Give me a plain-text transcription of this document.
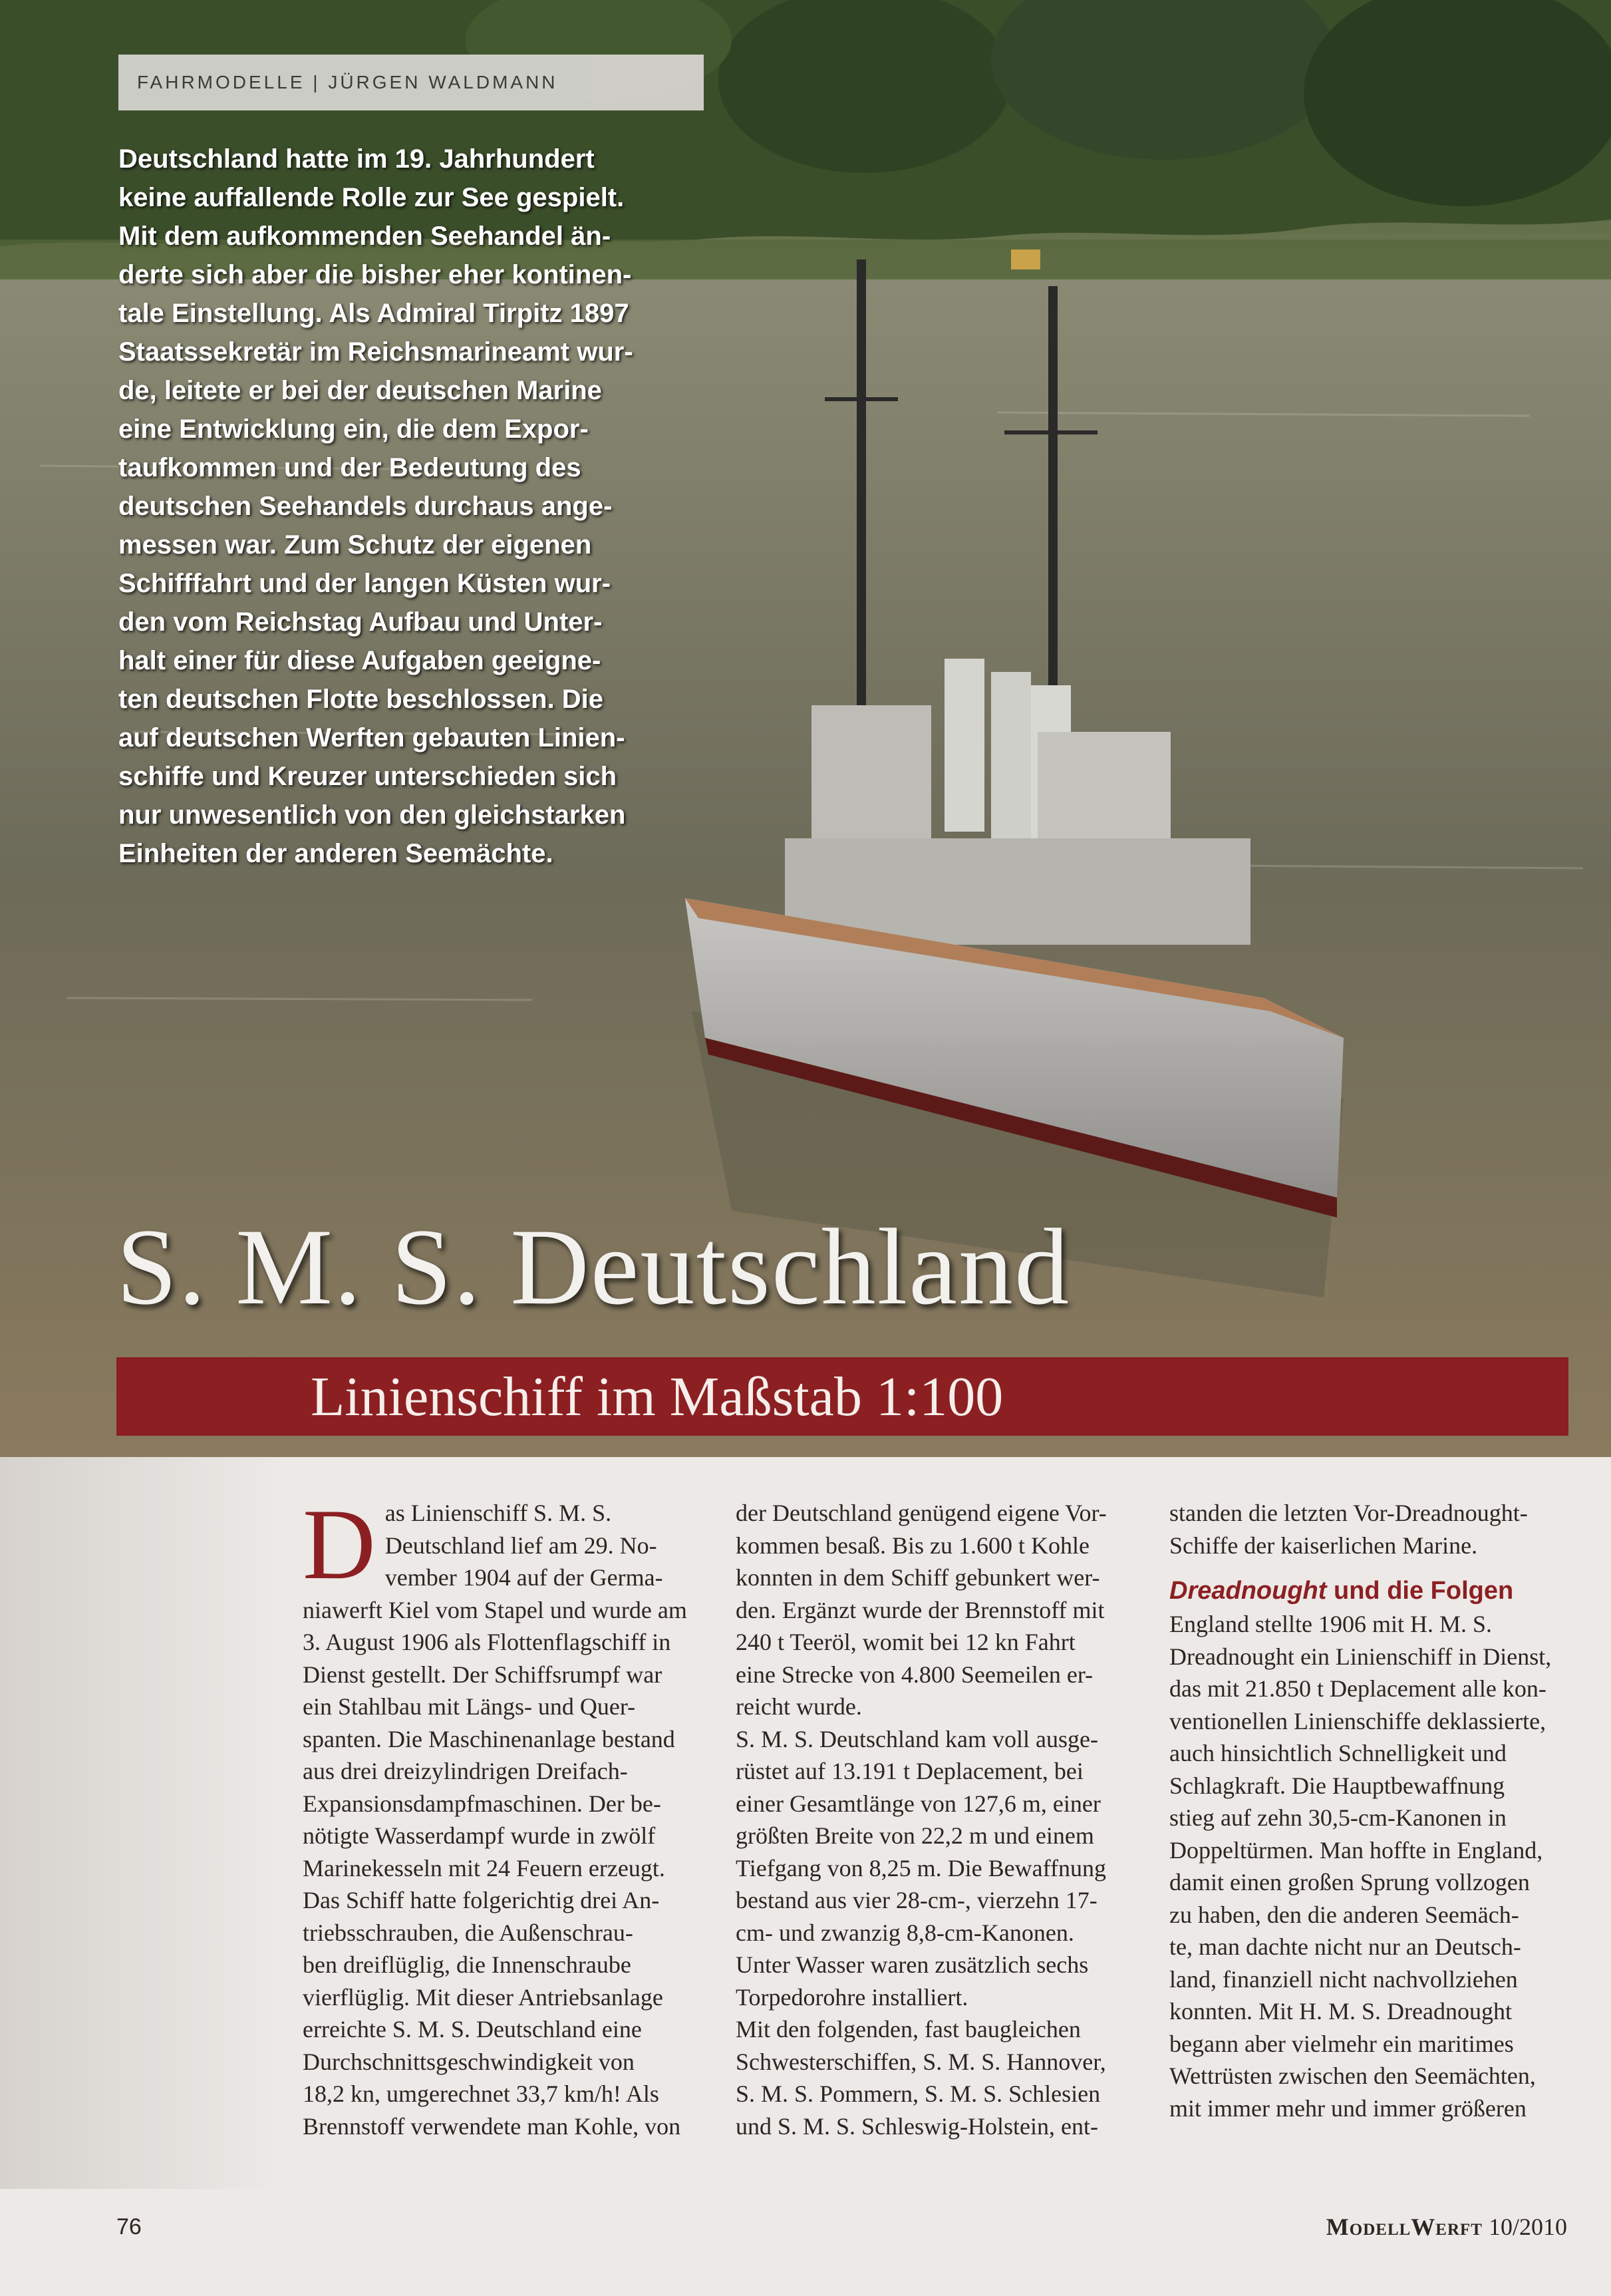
FAHRMODELLE | JÜRGEN WALDMANN
Deutschland hatte im 19. Jahrhundert
keine auffallende Rolle zur See gespielt.
Mit dem aufkommenden Seehandel än-
derte sich aber die bisher eher kontinen-
tale Einstellung. Als Admiral Tirpitz 1897
Staatssekretär im Reichsmarineamt wur-
de, leitete er bei der deutschen Marine
eine Entwicklung ein, die dem Expor-
taufkommen und der Bedeutung des
deutschen Seehandels durchaus ange-
messen war. Zum Schutz der eigenen
Schifffahrt und der langen Küsten wur-
den vom Reichstag Aufbau und Unter-
halt einer für diese Aufgaben geeigne-
ten deutschen Flotte beschlossen. Die
auf deutschen Werften gebauten Linien-
schiffe und Kreuzer unterschieden sich
nur unwesentlich von den gleichstarken
Einheiten der anderen Seemächte.
S. M. S. Deutschland
Linienschiff im Maßstab 1:100
D as Linienschiff S. M. S.
Deutschland lief am 29. No-
vember 1904 auf der Germa-
niawerft Kiel vom Stapel und wurde am
3. August 1906 als Flottenflagschiff in
Dienst gestellt. Der Schiffsrumpf war
ein Stahlbau mit Längs- und Quer-
spanten. Die Maschinenanlage bestand
aus drei dreizylindrigen Dreifach-
Expansionsdampfmaschinen. Der be-
nötigte Wasserdampf wurde in zwölf
Marinekesseln mit 24 Feuern erzeugt.
Das Schiff hatte folgerichtig drei An-
triebsschrauben, die Außenschrau-
ben dreiflüglig, die Innenschraube
vierflüglig. Mit dieser Antriebsanlage
erreichte S. M. S. Deutschland eine
Durchschnittsgeschwindigkeit von
18,2 kn, umgerechnet 33,7 km/h! Als
Brennstoff verwendete man Kohle, von
der Deutschland genügend eigene Vor-
kommen besaß. Bis zu 1.600 t Kohle
konnten in dem Schiff gebunkert wer-
den. Ergänzt wurde der Brennstoff mit
240 t Teeröl, womit bei 12 kn Fahrt
eine Strecke von 4.800 Seemeilen er-
reicht wurde.
S. M. S. Deutschland kam voll ausge-
rüstet auf 13.191 t Deplacement, bei
einer Gesamtlänge von 127,6 m, einer
größten Breite von 22,2 m und einem
Tiefgang von 8,25 m. Die Bewaffnung
bestand aus vier 28-cm-, vierzehn 17-
cm- und zwanzig 8,8-cm-Kanonen.
Unter Wasser waren zusätzlich sechs
Torpedorohre installiert.
Mit den folgenden, fast baugleichen
Schwesterschiffen, S. M. S. Hannover,
S. M. S. Pommern, S. M. S. Schlesien
und S. M. S. Schleswig-Holstein, ent-
standen die letzten Vor-Dreadnought-
Schiffe der kaiserlichen Marine.
Dreadnought und die Folgen
England stellte 1906 mit H. M. S.
Dreadnought ein Linienschiff in Dienst,
das mit 21.850 t Deplacement alle kon-
ventionellen Linienschiffe deklassierte,
auch hinsichtlich Schnelligkeit und
Schlagkraft. Die Hauptbewaffnung
stieg auf zehn 30,5-cm-Kanonen in
Doppeltürmen. Man hoffte in England,
damit einen großen Sprung vollzogen
zu haben, den die anderen Seemäch-
te, man dachte nicht nur an Deutsch-
land, finanziell nicht nachvollziehen
konnten. Mit H. M. S. Dreadnought
begann aber vielmehr ein maritimes
Wettrüsten zwischen den Seemächten,
mit immer mehr und immer größeren
76	ModellWerft 10/2010
